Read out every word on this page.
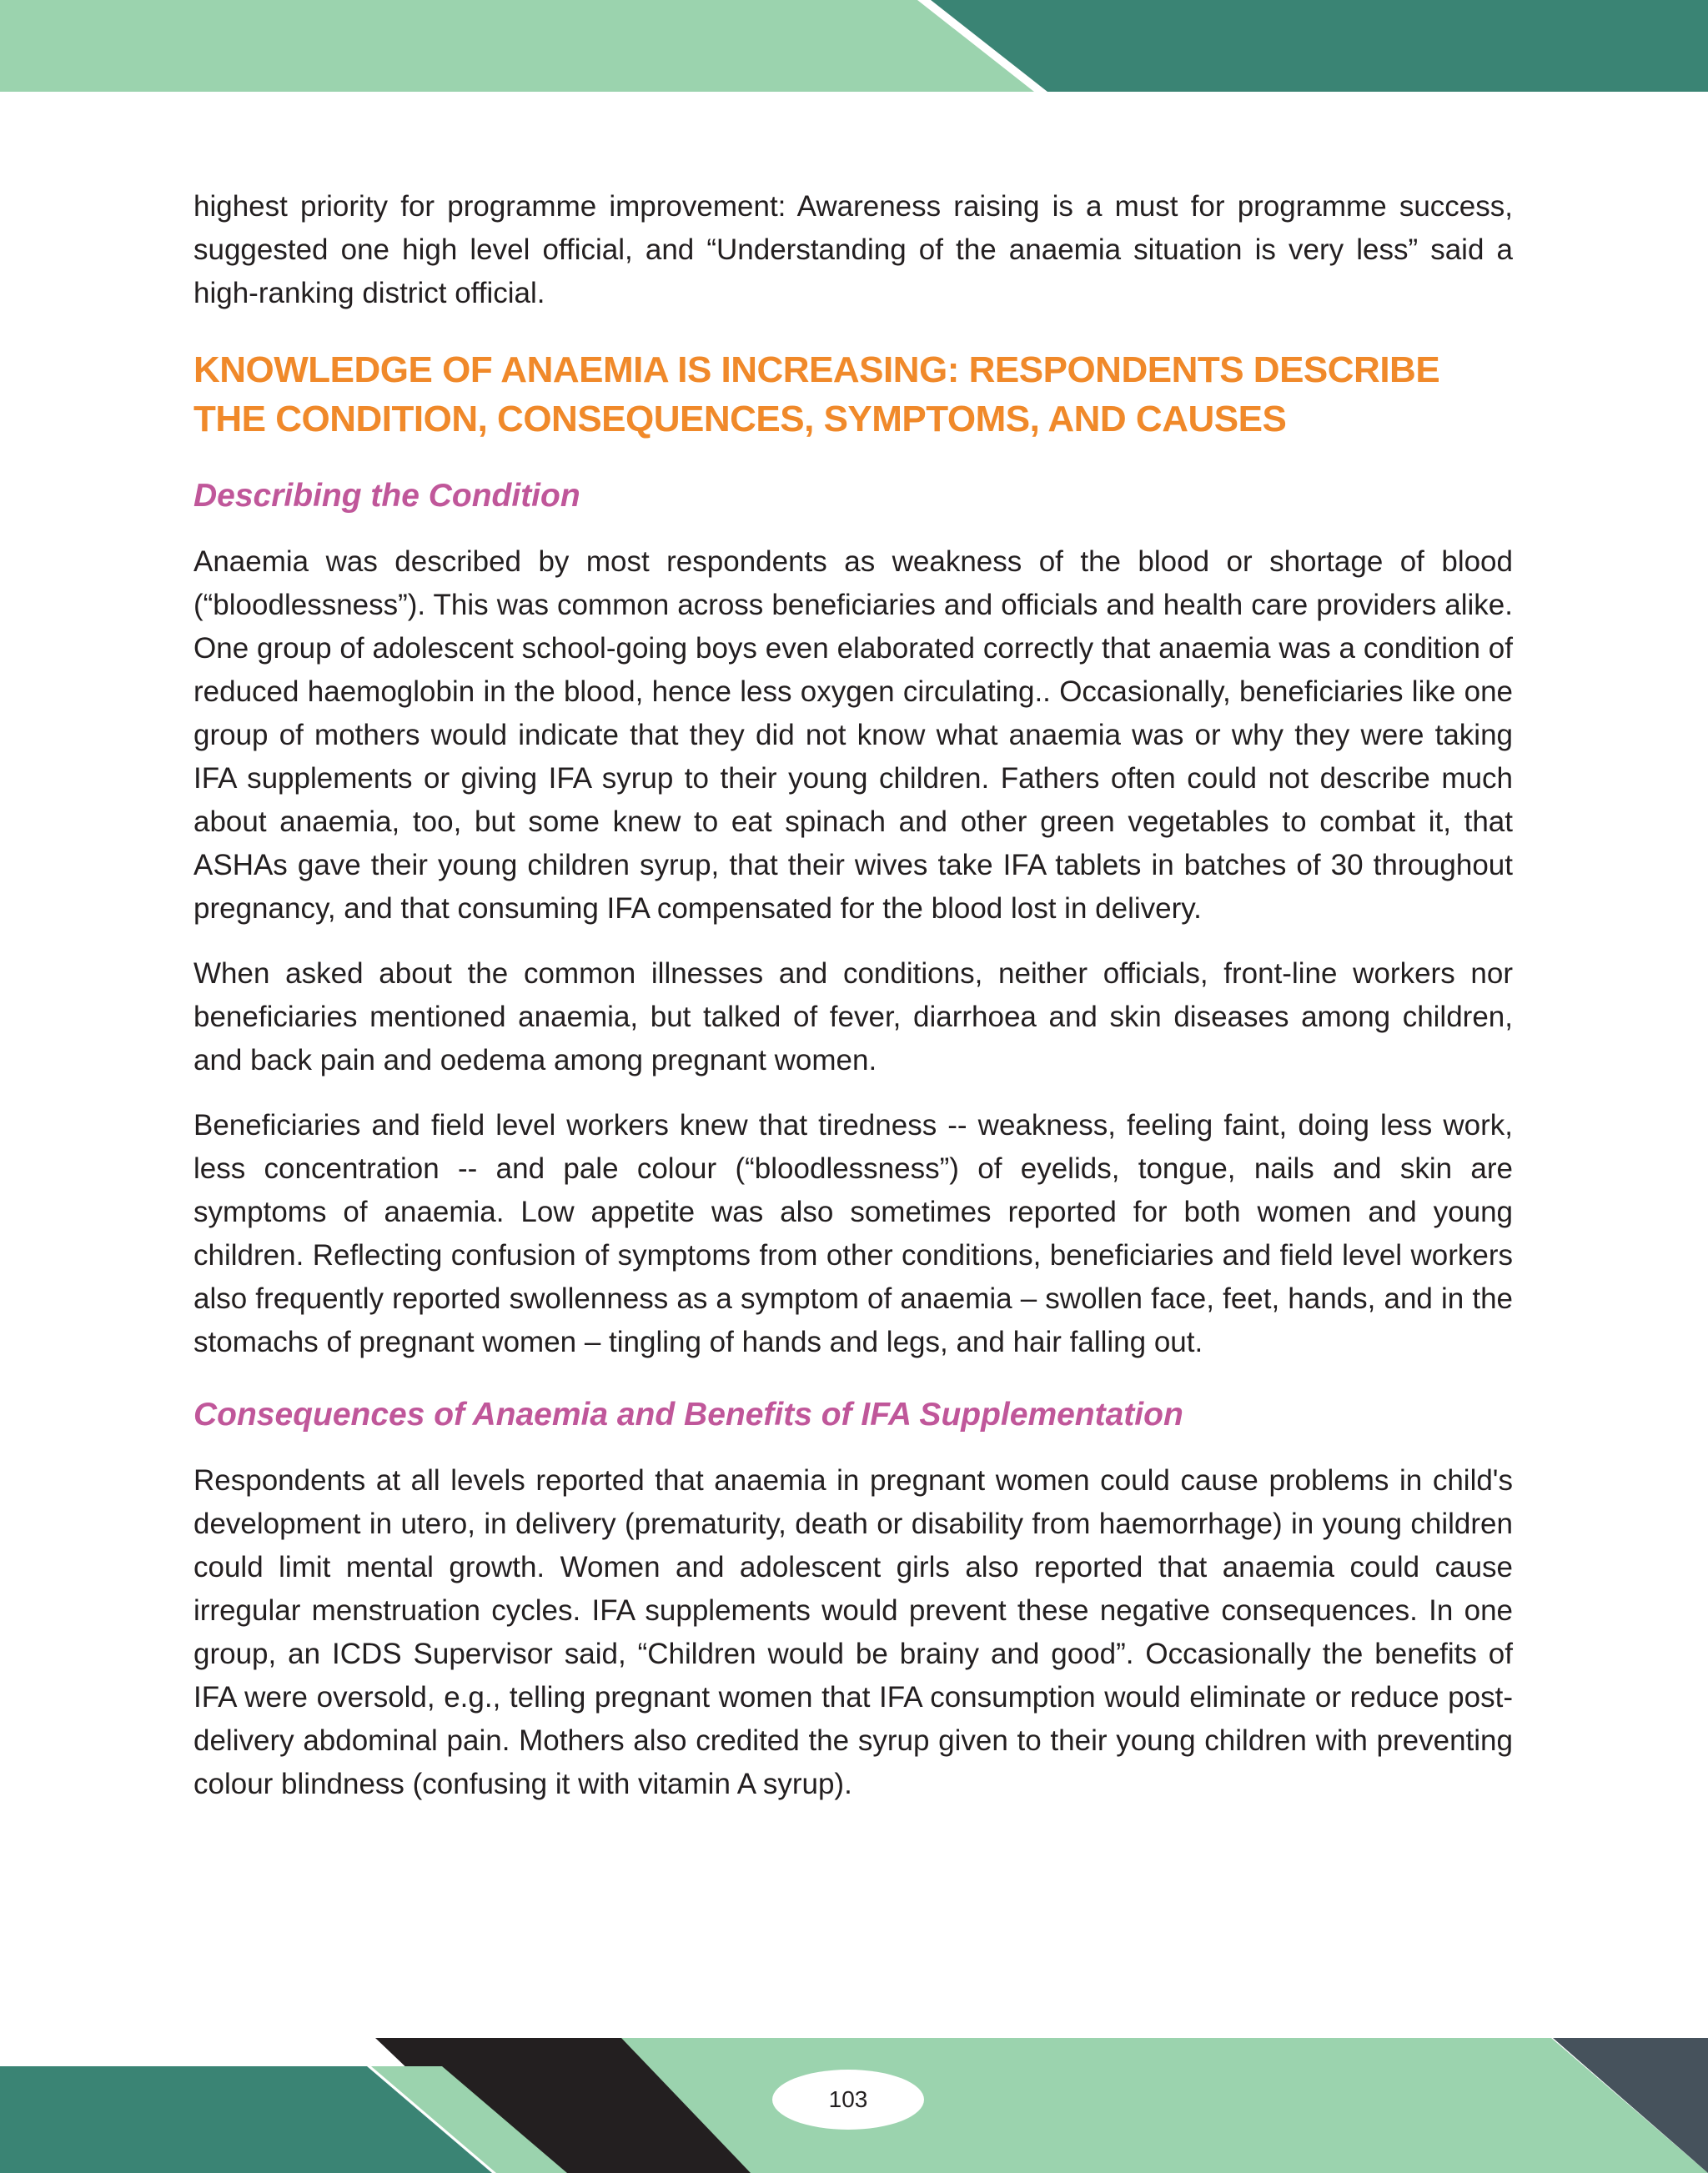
highest priority for programme improvement: Awareness raising is a must for programme success, suggested one high level official, and “Understanding of the anaemia situation is very less” said a high-ranking district official.

KNOWLEDGE OF ANAEMIA IS INCREASING: RESPONDENTS DESCRIBE THE CONDITION, CONSEQUENCES, SYMPTOMS, AND CAUSES
Describing the Condition

Anaemia was described by most respondents as weakness of the blood or shortage of blood (“bloodlessness”). This was common across beneficiaries and officials and health care providers alike. One group of adolescent school-going boys even elaborated correctly that anaemia was a condition of reduced haemoglobin in the blood, hence less oxygen circulating.. Occasionally, beneficiaries like one group of mothers would indicate that they did not know what anaemia was or why they were taking IFA supplements or giving IFA syrup to their young children. Fathers often could not describe much about anaemia, too, but some knew to eat spinach and other green vegetables to combat it, that ASHAs gave their young children syrup, that their wives take IFA tablets in batches of 30 throughout pregnancy, and that consuming IFA compensated for the blood lost in delivery.

When asked about the common illnesses and conditions, neither officials, front-line workers nor beneficiaries mentioned anaemia, but talked of fever, diarrhoea and skin diseases among children, and back pain and oedema among pregnant women.

Beneficiaries and field level workers knew that tiredness -- weakness, feeling faint, doing less work, less concentration -- and pale colour (“bloodlessness”) of eyelids, tongue, nails and skin are symptoms of anaemia. Low appetite was also sometimes reported for both women and young children. Reflecting confusion of symptoms from other conditions, beneficiaries and field level workers also frequently reported swollenness as a symptom of anaemia – swollen face, feet, hands, and in the stomachs of pregnant women – tingling of hands and legs, and hair falling out.

Consequences of Anaemia and Benefits of IFA Supplementation

Respondents at all levels reported that anaemia in pregnant women could cause problems in child's development in utero, in delivery (prematurity, death or disability from haemorrhage) in young children could limit mental growth. Women and adolescent girls also reported that anaemia could cause irregular menstruation cycles. IFA supplements would prevent these negative consequences. In one group, an ICDS Supervisor said, “Children would be brainy and good”. Occasionally the benefits of IFA were oversold, e.g., telling pregnant women that IFA consumption would eliminate or reduce post-delivery abdominal pain. Mothers also credited the syrup given to their young children with preventing colour blindness (confusing it with vitamin A syrup).

103
